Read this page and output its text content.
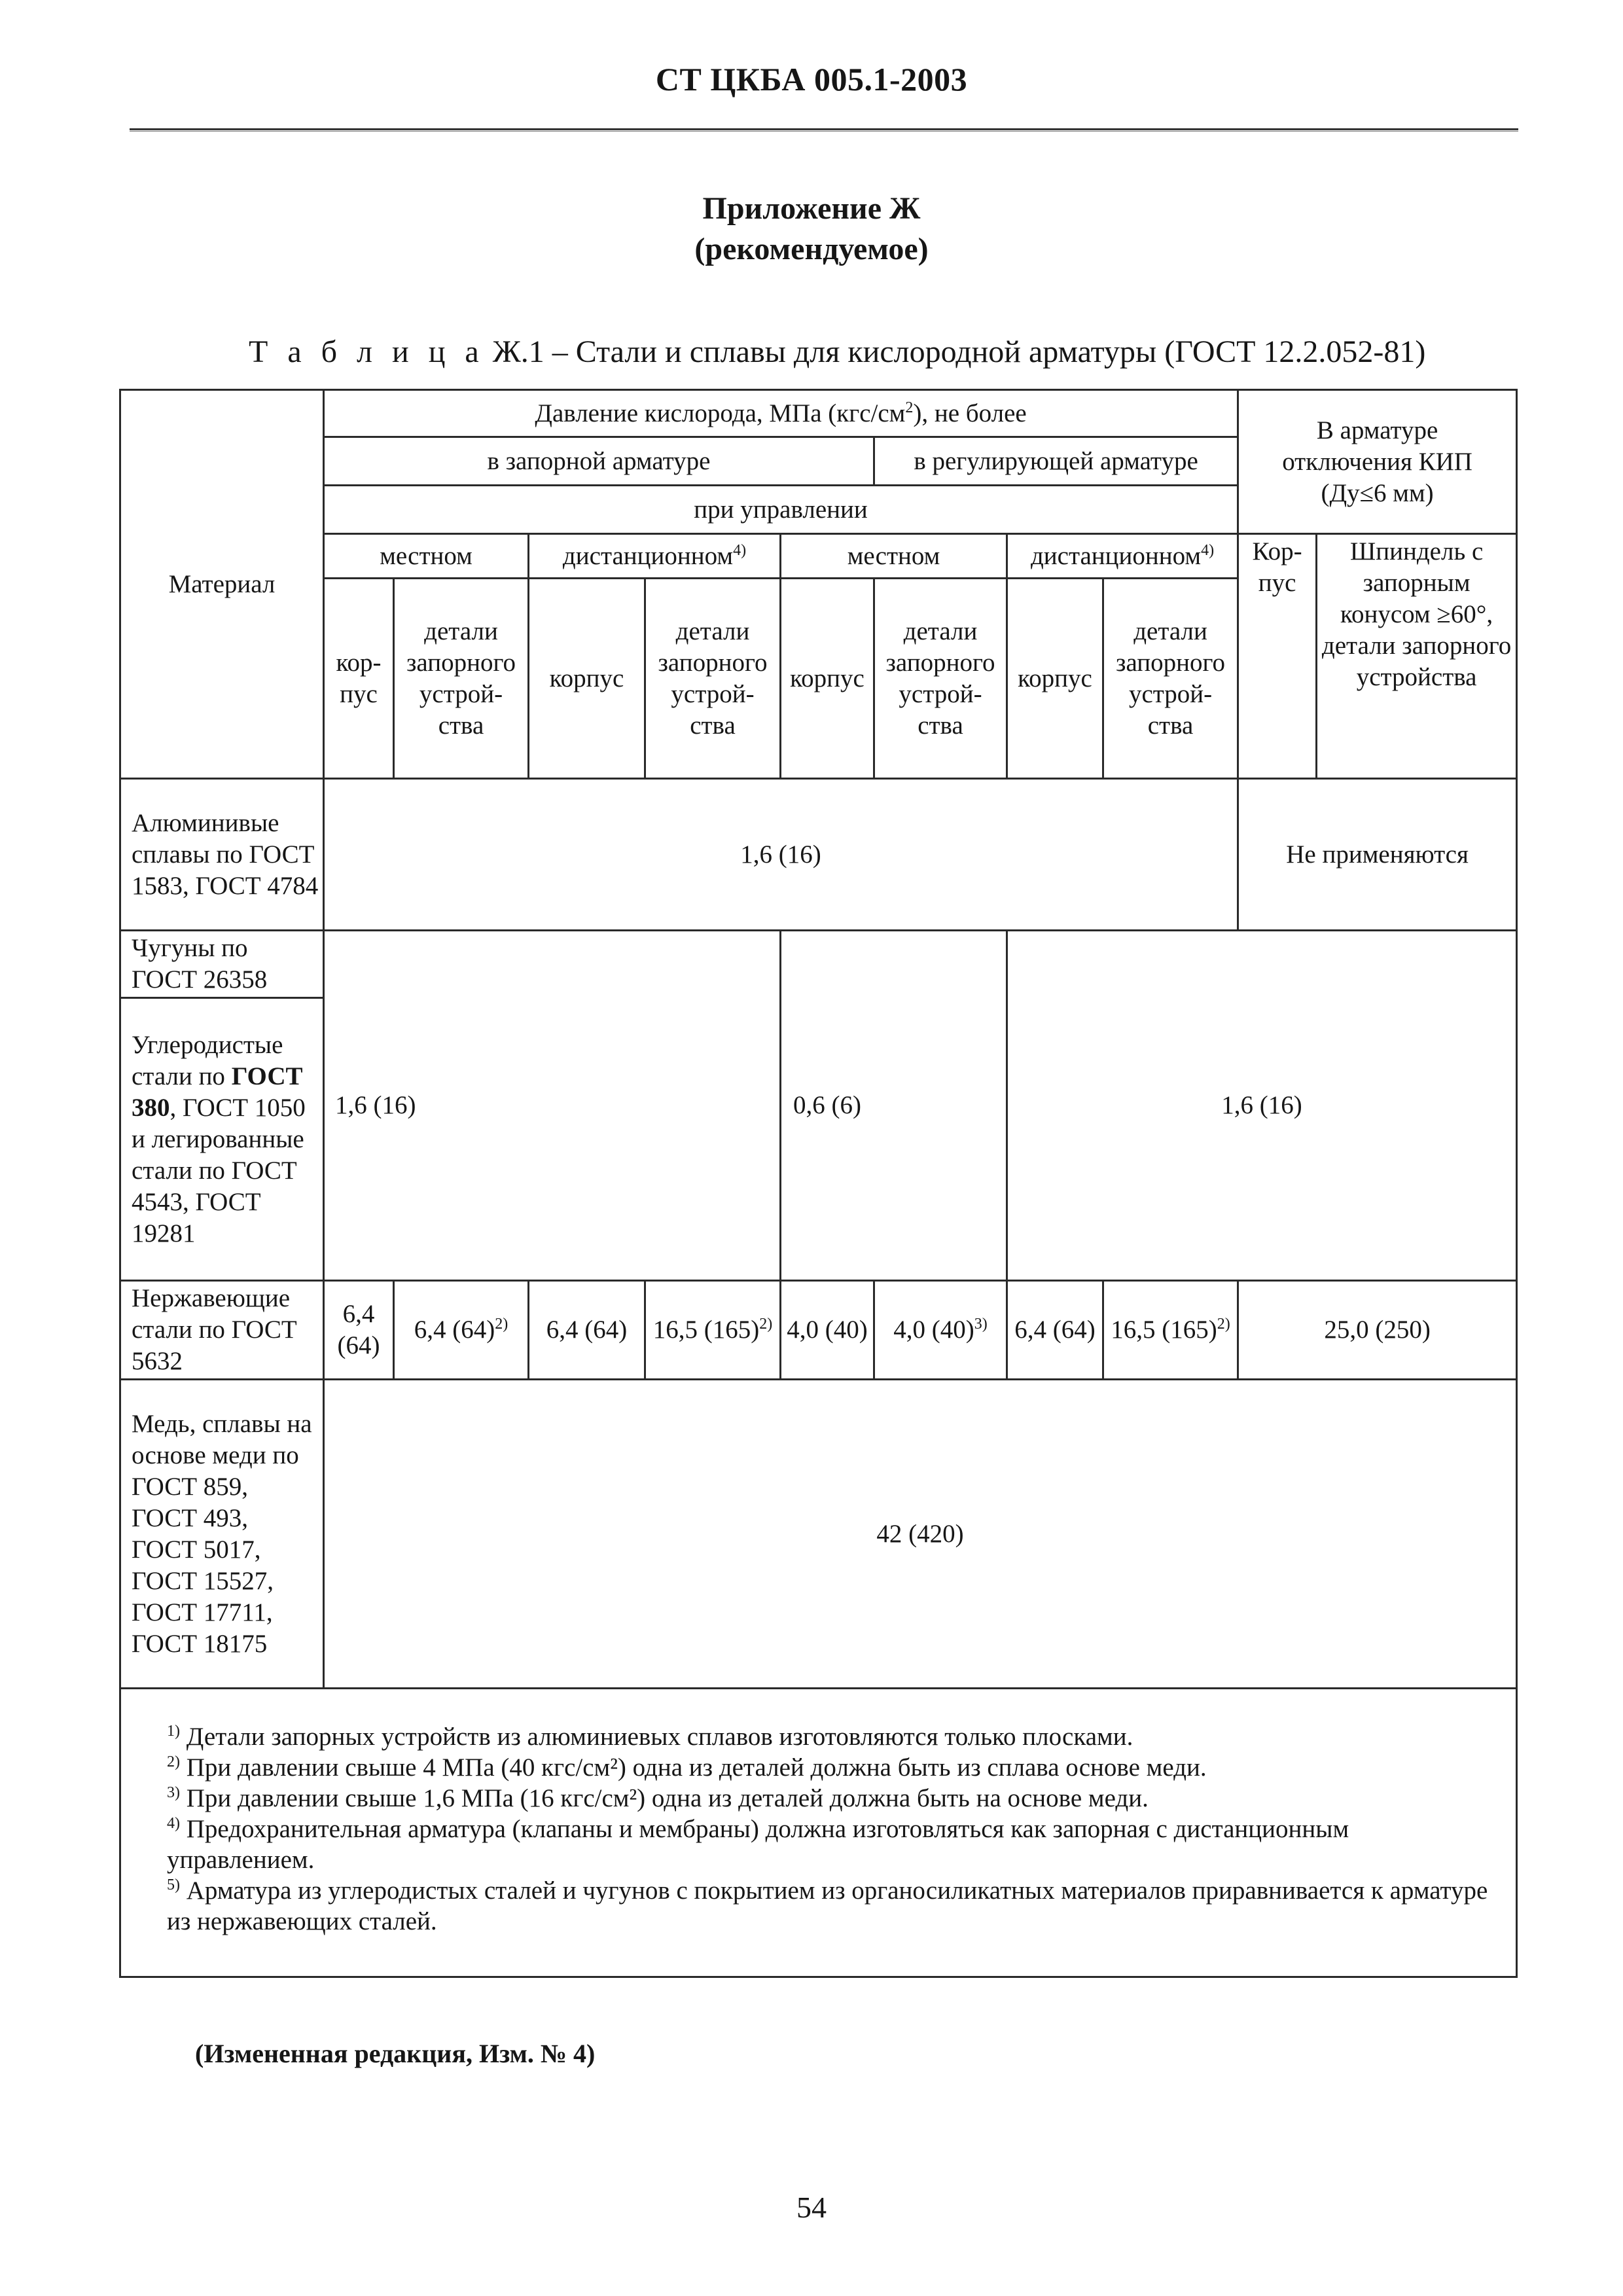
СТ ЦКБА 005.1-2003
Приложение Ж
(рекомендуемое)
Т а б л и ц а Ж.1 – Стали и сплавы для кислородной арматуры (ГОСТ 12.2.052-81)
Материал	Давление кислорода, МПа $(кгс/см^2)$, не более								В арматуре отключения КИП (Ду≤6 мм)	
	в запорной арматуре					в регулирующей арматуре				
	при управлении									
	местном		дистанционном$^{4)}$		местном		дистанционном$^{4)}$		Кор-пус	Шпиндель с запорным конусом ≥60°, детали запорного устройства
	кор-пус	детали запорного устрой-ства	корпус	детали запорного устрой-ства	корпус	детали запорного устрой-ства	корпус	детали запорного устрой-ства		
Алюминивые сплавы по ГОСТ 1583, ГОСТ 4784	1,6 (16)								Не применяются	
Чугуны по ГОСТ 26358	1,6 (16)				0,6 (6)		1,6 (16)			
Углеродистые стали по ГОСТ 380, ГОСТ 1050 и легированные стали по ГОСТ 4543, ГОСТ 19281										
Нержавеющие стали по ГОСТ 5632	6,4 (64)	6,4 $(64)^{2)}$	6,4 (64)	16,5 $(165)^{2)}$	4,0 (40)	4,0 $(40)^{3)}$	6,4 (64)	16,5 $(165)^{2)}$	25,0 (250)	
Медь, сплавы на основе меди по ГОСТ 859, ГОСТ 493, ГОСТ 5017, ГОСТ 15527, ГОСТ 17711, ГОСТ 18175	42 (420)									

$^{1)}$ Детали запорных устройств из алюминиевых сплавов изготовляются только плосками.
$^{2)}$ При давлении свыше 4 МПа (40 кгс/см²) одна из деталей должна быть из сплава основе меди.
$^{3)}$ При давлении свыше 1,6 МПа (16 кгс/см²) одна из деталей должна быть на основе меди.
$^{4)}$ Предохранительная арматура (клапаны и мембраны) должна изготовляться как запорная с дистанционным управлением.
$^{5)}$ Арматура из углеродистых сталей и чугунов с покрытием из органосиликатных материалов приравнивается к арматуре из нержавеющих сталей.										
(Измененная редакция, Изм. № 4)
54
